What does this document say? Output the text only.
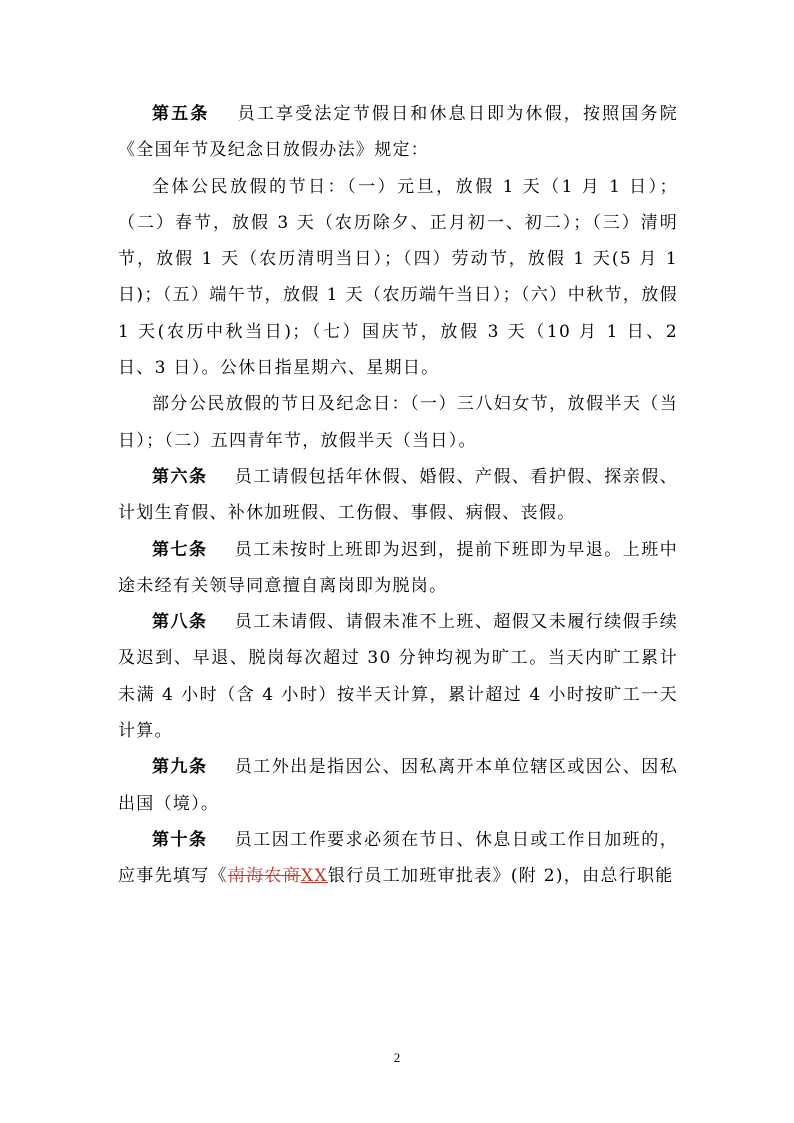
第五条 员工享受法定节假日和休息日即为休假，按照国务院《全国年节及纪念日放假办法》规定：

全体公民放假的节日：（一）元旦，放假 1 天（1 月 1 日）；（二）春节，放假 3 天（农历除夕、正月初一、初二）；（三）清明节，放假 1 天（农历清明当日）；（四）劳动节，放假 1 天(5 月 1 日)；（五）端午节，放假 1 天（农历端午当日）；（六）中秋节，放假 1 天(农历中秋当日)；（七）国庆节，放假 3 天（10 月 1 日、2 日、3 日）。公休日指星期六、星期日。

部分公民放假的节日及纪念日：（一）三八妇女节，放假半天（当日）；（二）五四青年节，放假半天（当日）。

第六条 员工请假包括年休假、婚假、产假、看护假、探亲假、计划生育假、补休加班假、工伤假、事假、病假、丧假。

第七条 员工未按时上班即为迟到，提前下班即为早退。上班中途未经有关领导同意擅自离岗即为脱岗。

第八条 员工未请假、请假未准不上班、超假又未履行续假手续及迟到、早退、脱岗每次超过 30 分钟均视为旷工。当天内旷工累计未满 4 小时（含 4 小时）按半天计算，累计超过 4 小时按旷工一天计算。

第九条 员工外出是指因公、因私离开本单位辖区或因公、因私出国（境）。

第十条 员工因工作要求必须在节日、休息日或工作日加班的，应事先填写《南海农商XX银行员工加班审批表》(附 2)，由总行职能

2
